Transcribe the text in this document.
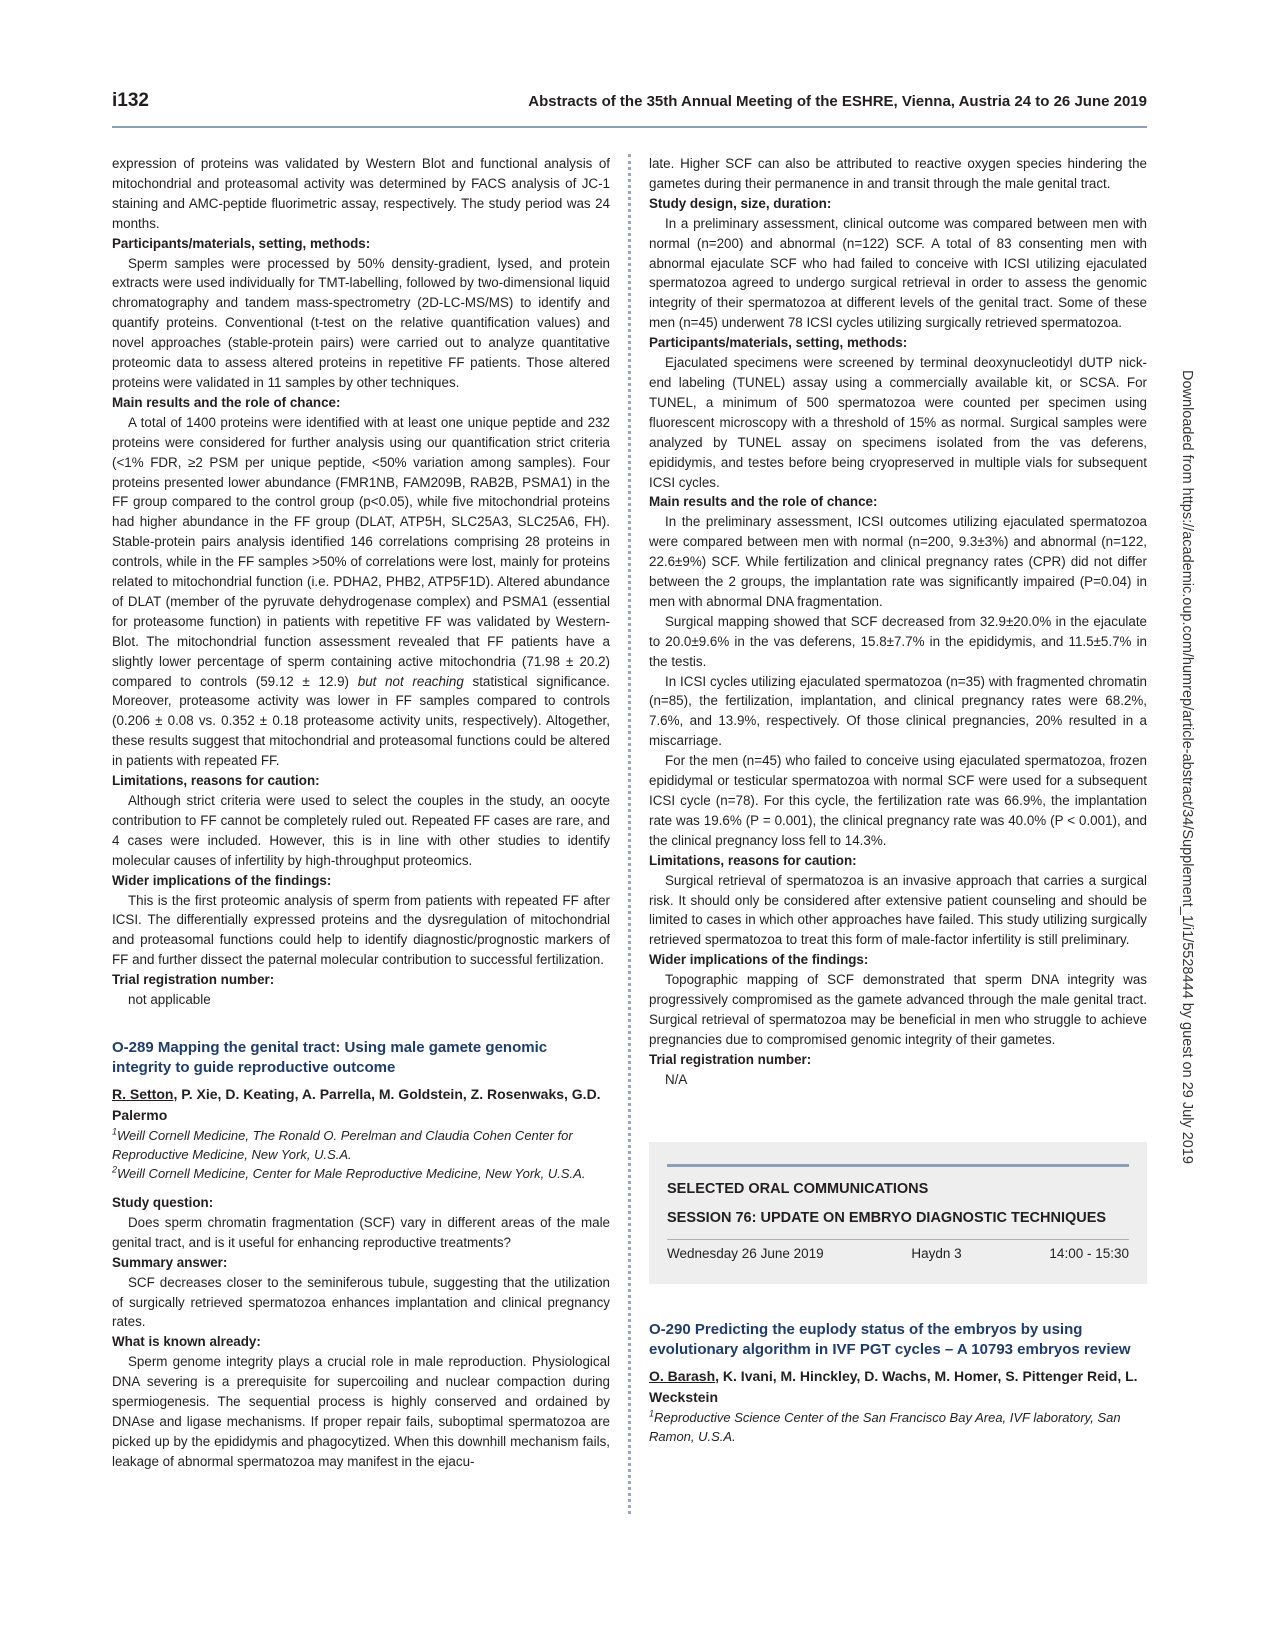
i132	Abstracts of the 35th Annual Meeting of the ESHRE, Vienna, Austria 24 to 26 June 2019
Downloaded from https://academic.oup.com/humrep/article-abstract/34/Supplement_1/i1/5528444 by guest on 29 July 2019

expression of proteins was validated by Western Blot and functional analysis of mitochondrial and proteasomal activity was determined by FACS analysis of JC-1 staining and AMC-peptide fluorimetric assay, respectively. The study period was 24 months.

Participants/materials, setting, methods:

Sperm samples were processed by 50% density-gradient, lysed, and protein extracts were used individually for TMT-labelling, followed by two-dimensional liquid chromatography and tandem mass-spectrometry (2D-LC-MS/MS) to identify and quantify proteins. Conventional (t-test on the relative quantification values) and novel approaches (stable-protein pairs) were carried out to analyze quantitative proteomic data to assess altered proteins in repetitive FF patients. Those altered proteins were validated in 11 samples by other techniques.

Main results and the role of chance:

A total of 1400 proteins were identified with at least one unique peptide and 232 proteins were considered for further analysis using our quantification strict criteria (<1% FDR, ≥2 PSM per unique peptide, <50% variation among samples). Four proteins presented lower abundance (FMR1NB, FAM209B, RAB2B, PSMA1) in the FF group compared to the control group (p<0.05), while five mitochondrial proteins had higher abundance in the FF group (DLAT, ATP5H, SLC25A3, SLC25A6, FH). Stable-protein pairs analysis identified 146 correlations comprising 28 proteins in controls, while in the FF samples >50% of correlations were lost, mainly for proteins related to mitochondrial function (i.e. PDHA2, PHB2, ATP5F1D). Altered abundance of DLAT (member of the pyruvate dehydrogenase complex) and PSMA1 (essential for proteasome function) in patients with repetitive FF was validated by Western-Blot. The mitochondrial function assessment revealed that FF patients have a slightly lower percentage of sperm containing active mitochondria (71.98 ± 20.2) compared to controls (59.12 ± 12.9) but not reaching statistical significance. Moreover, proteasome activity was lower in FF samples compared to controls (0.206 ± 0.08 vs. 0.352 ± 0.18 proteasome activity units, respectively). Altogether, these results suggest that mitochondrial and proteasomal functions could be altered in patients with repeated FF.

Limitations, reasons for caution:

Although strict criteria were used to select the couples in the study, an oocyte contribution to FF cannot be completely ruled out. Repeated FF cases are rare, and 4 cases were included. However, this is in line with other studies to identify molecular causes of infertility by high-throughput proteomics.

Wider implications of the findings:

This is the first proteomic analysis of sperm from patients with repeated FF after ICSI. The differentially expressed proteins and the dysregulation of mitochondrial and proteasomal functions could help to identify diagnostic/prognostic markers of FF and further dissect the paternal molecular contribution to successful fertilization.

Trial registration number:

not applicable

O-289 Mapping the genital tract: Using male gamete genomic integrity to guide reproductive outcome

R. Setton, P. Xie, D. Keating, A. Parrella, M. Goldstein, Z. Rosenwaks, G.D. Palermo

$^1$Weill Cornell Medicine, The Ronald O. Perelman and Claudia Cohen Center for Reproductive Medicine, New York, U.S.A.

$^2$Weill Cornell Medicine, Center for Male Reproductive Medicine, New York, U.S.A.

Study question:

Does sperm chromatin fragmentation (SCF) vary in different areas of the male genital tract, and is it useful for enhancing reproductive treatments?

Summary answer:

SCF decreases closer to the seminiferous tubule, suggesting that the utilization of surgically retrieved spermatozoa enhances implantation and clinical pregnancy rates.

What is known already:

Sperm genome integrity plays a crucial role in male reproduction. Physiological DNA severing is a prerequisite for supercoiling and nuclear compaction during spermiogenesis. The sequential process is highly conserved and ordained by DNAse and ligase mechanisms. If proper repair fails, suboptimal spermatozoa are picked up by the epididymis and phagocytized. When this downhill mechanism fails, leakage of abnormal spermatozoa may manifest in the ejacu-

late. Higher SCF can also be attributed to reactive oxygen species hindering the gametes during their permanence in and transit through the male genital tract.

Study design, size, duration:

In a preliminary assessment, clinical outcome was compared between men with normal (n=200) and abnormal (n=122) SCF. A total of 83 consenting men with abnormal ejaculate SCF who had failed to conceive with ICSI utilizing ejaculated spermatozoa agreed to undergo surgical retrieval in order to assess the genomic integrity of their spermatozoa at different levels of the genital tract. Some of these men (n=45) underwent 78 ICSI cycles utilizing surgically retrieved spermatozoa.

Participants/materials, setting, methods:

Ejaculated specimens were screened by terminal deoxynucleotidyl dUTP nick-end labeling (TUNEL) assay using a commercially available kit, or SCSA. For TUNEL, a minimum of 500 spermatozoa were counted per specimen using fluorescent microscopy with a threshold of 15% as normal. Surgical samples were analyzed by TUNEL assay on specimens isolated from the vas deferens, epididymis, and testes before being cryopreserved in multiple vials for subsequent ICSI cycles.

Main results and the role of chance:

In the preliminary assessment, ICSI outcomes utilizing ejaculated spermatozoa were compared between men with normal (n=200, 9.3±3%) and abnormal (n=122, 22.6±9%) SCF. While fertilization and clinical pregnancy rates (CPR) did not differ between the 2 groups, the implantation rate was significantly impaired (P=0.04) in men with abnormal DNA fragmentation.

Surgical mapping showed that SCF decreased from 32.9±20.0% in the ejaculate to 20.0±9.6% in the vas deferens, 15.8±7.7% in the epididymis, and 11.5±5.7% in the testis.

In ICSI cycles utilizing ejaculated spermatozoa (n=35) with fragmented chromatin (n=85), the fertilization, implantation, and clinical pregnancy rates were 68.2%, 7.6%, and 13.9%, respectively. Of those clinical pregnancies, 20% resulted in a miscarriage.

For the men (n=45) who failed to conceive using ejaculated spermatozoa, frozen epididymal or testicular spermatozoa with normal SCF were used for a subsequent ICSI cycle (n=78). For this cycle, the fertilization rate was 66.9%, the implantation rate was 19.6% (P = 0.001), the clinical pregnancy rate was 40.0% (P < 0.001), and the clinical pregnancy loss fell to 14.3%.

Limitations, reasons for caution:

Surgical retrieval of spermatozoa is an invasive approach that carries a surgical risk. It should only be considered after extensive patient counseling and should be limited to cases in which other approaches have failed. This study utilizing surgically retrieved spermatozoa to treat this form of male-factor infertility is still preliminary.

Wider implications of the findings:

Topographic mapping of SCF demonstrated that sperm DNA integrity was progressively compromised as the gamete advanced through the male genital tract. Surgical retrieval of spermatozoa may be beneficial in men who struggle to achieve pregnancies due to compromised genomic integrity of their gametes.

Trial registration number:

N/A

SELECTED ORAL COMMUNICATIONS

SESSION 76: UPDATE ON EMBRYO DIAGNOSTIC TECHNIQUES

Wednesday 26 June 2019	Haydn 3	14:00 - 15:30

O-290 Predicting the euplody status of the embryos by using evolutionary algorithm in IVF PGT cycles – A 10793 embryos review

O. Barash, K. Ivani, M. Hinckley, D. Wachs, M. Homer, S. Pittenger Reid, L. Weckstein

$^1$Reproductive Science Center of the San Francisco Bay Area, IVF laboratory, San Ramon, U.S.A.
